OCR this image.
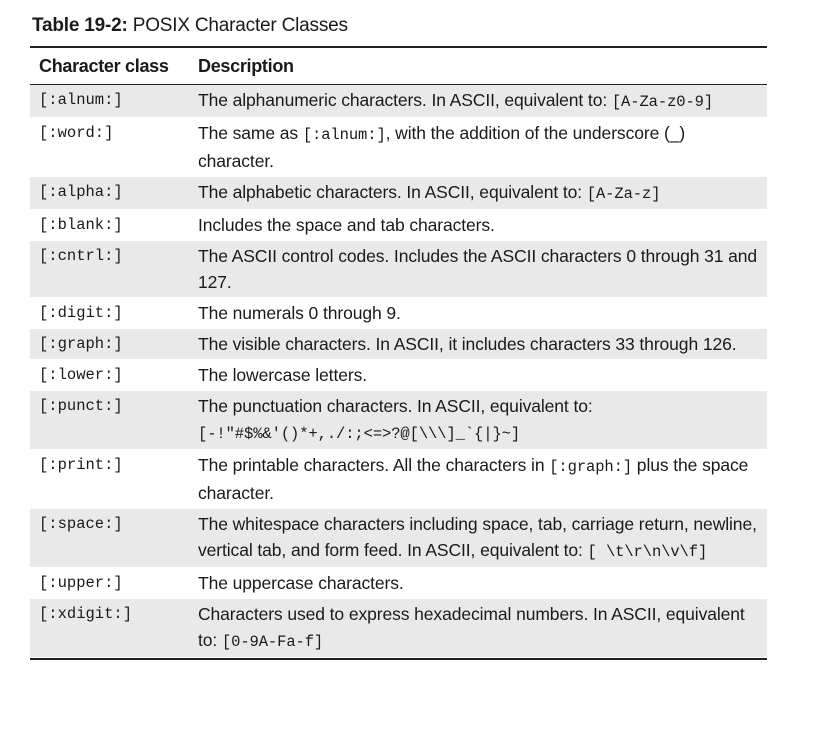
Table 19-2: POSIX Character Classes
Character class	Description
[:alnum:]	The alphanumeric characters. In ASCII, equivalent to: [A-Za-z0-9]
[:word:]	The same as [:alnum:], with the addition of the underscore (_) character.
[:alpha:]	The alphabetic characters. In ASCII, equivalent to: [A-Za-z]
[:blank:]	Includes the space and tab characters.
[:cntrl:]	The ASCII control codes. Includes the ASCII characters 0 through 31 and 127.
[:digit:]	The numerals 0 through 9.
[:graph:]	The visible characters. In ASCII, it includes characters 33 through 126.
[:lower:]	The lowercase letters.
[:punct:]	The punctuation characters. In ASCII, equivalent to: [-!"#$%&'()*+,./:;<=>?@[\\\]_`{|}~]
[:print:]	The printable characters. All the characters in [:graph:] plus the space character.
[:space:]	The whitespace characters including space, tab, carriage return, newline, vertical tab, and form feed. In ASCII, equivalent to: [ \t\r\n\v\f]
[:upper:]	The uppercase characters.
[:xdigit:]	Characters used to express hexadecimal numbers. In ASCII, equivalent to: [0-9A-Fa-f]
